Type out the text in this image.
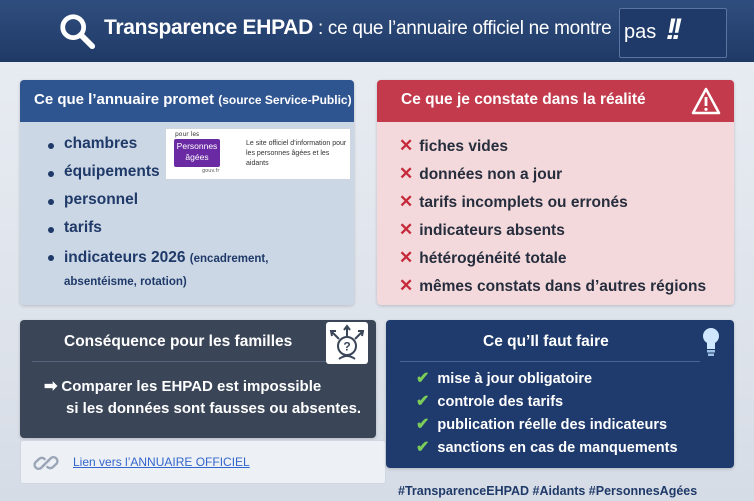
Transparence EHPAD : ce que l’annuaire officiel ne montre pas !!
Ce que l’annuaire promet (source Service-Public)
chambres
équipements
personnel
tarifs
indicateurs 2026 (encadrement, absentéisme, rotation)
pour les
Personnes âgées
gouv.fr
Le site officiel d’information pour les personnes âgées et les aidants
Ce que je constate dans la réalité
✕ fiches vides
✕ données non a jour
✕ tarifs incomplets ou erronés
✕ indicateurs absents
✕ hétérogénéité totale
✕ mêmes constats dans d’autres régions
Conséquence pour les familles	?
➡ Comparer les EHPAD est impossible
si les données sont fausses ou absentes.
Lien vers l’ANNUAIRE OFFICIEL
Ce qu’Il faut faire
✔ mise à jour obligatoire
✔ controle des tarifs
✔ publication réelle des indicateurs
✔ sanctions en cas de manquements
#TransparenceEHPAD #Aidants #PersonnesAgées
